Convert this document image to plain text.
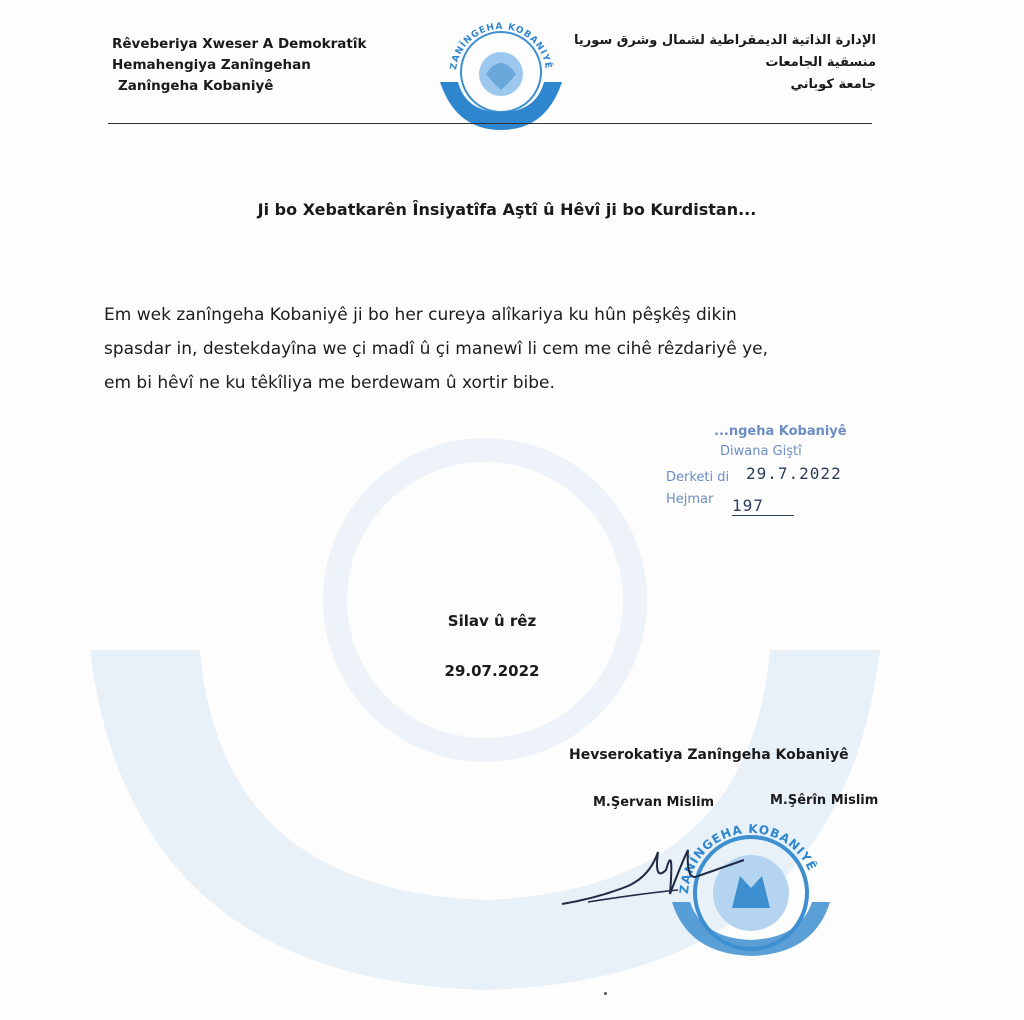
Rêveberiya Xweser A Demokratîk
Hemahengiya Zanîngehan
Zanîngeha Kobaniyê
ZANÎNGEHA KOBANIYÊ
الإدارة الذاتية الديمقراطية لشمال وشرق سوريا
منسقية الجامعات
جامعة كوباني
Ji bo Xebatkarên Însiyatîfa Aştî û Hêvî ji bo Kurdistan...
Em wek zanîngeha Kobaniyê ji bo her cureya alîkariya ku hûn pêşkêş dikin
spasdar in, destekdayîna we çi madî û çi manewî li cem me cihê rêzdariyê ye,
em bi hêvî ne ku têkîliya me berdewam û xortir bibe.
...ngeha Kobaniyê
Diwana Giştî
Derketi di 29.7.2022
Hejmar 197
Silav û rêz
29.07.2022
Hevserokatiya Zanîngeha Kobaniyê
M.Şervan Mislim	M.Şêrîn Mislim
ZANÎNGEHA KOBANIYÊ
